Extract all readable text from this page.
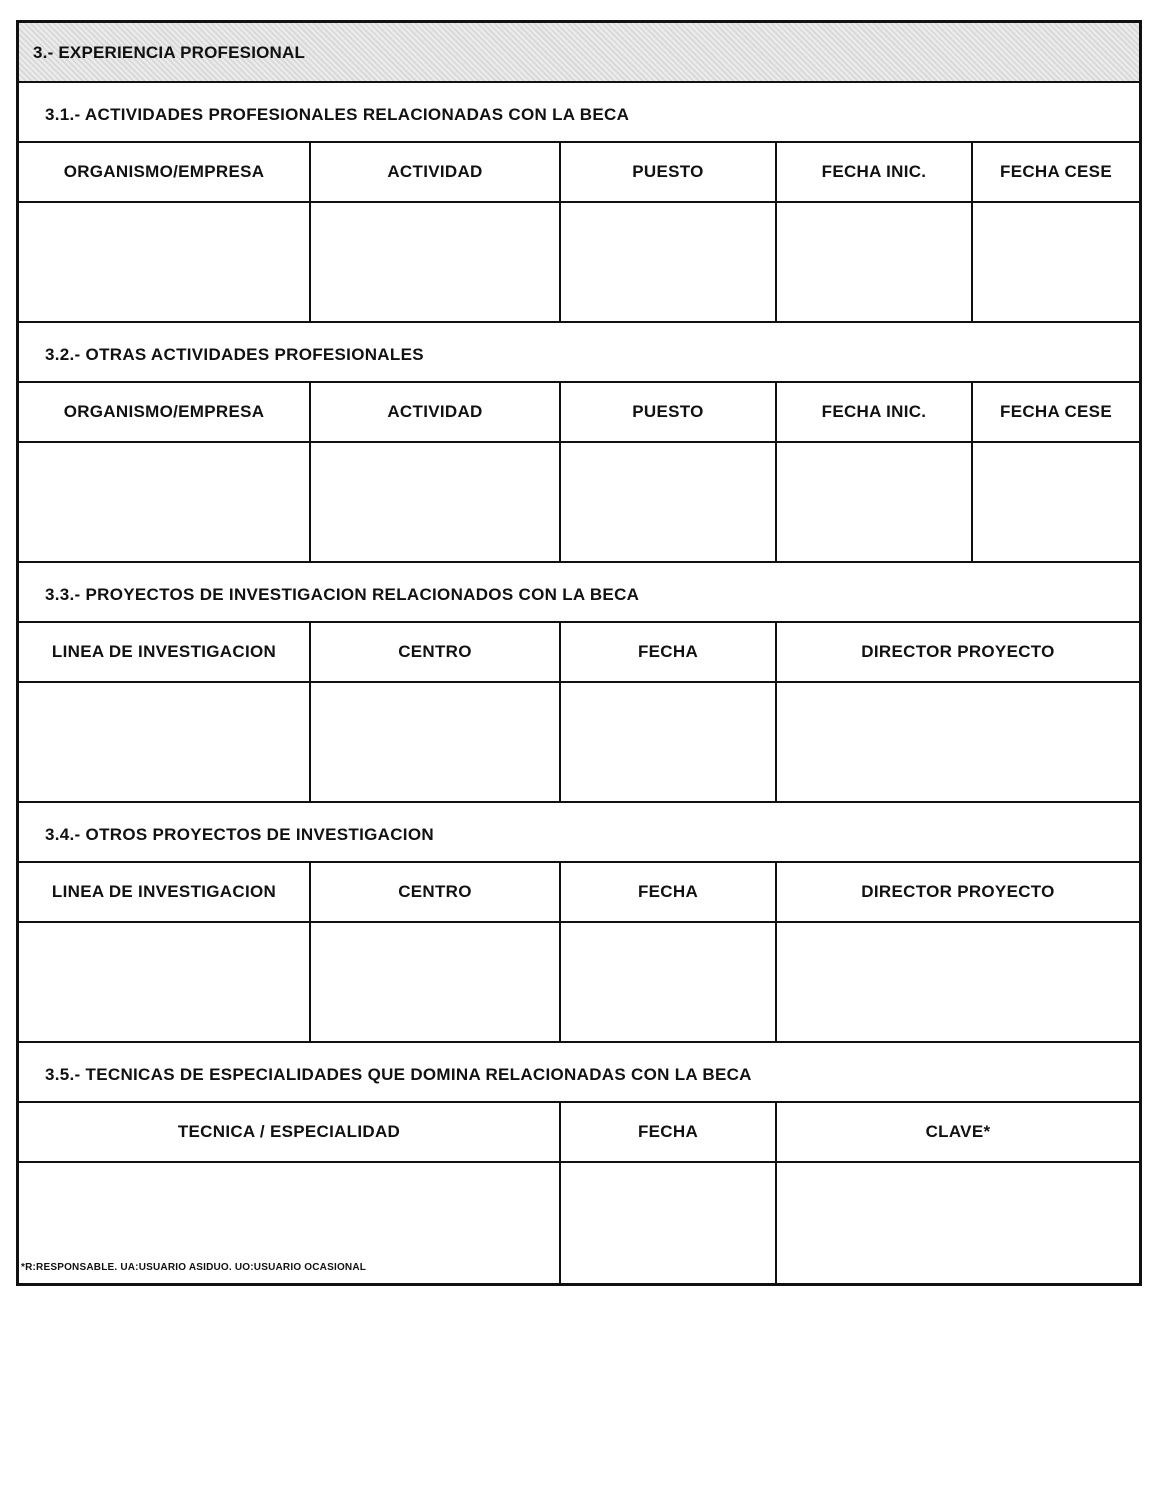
3.- EXPERIENCIA PROFESIONAL
3.1.- ACTIVIDADES PROFESIONALES RELACIONADAS CON LA BECA
ORGANISMO/EMPRESA	ACTIVIDAD	PUESTO	FECHA INIC.	FECHA CESE
3.2.- OTRAS ACTIVIDADES PROFESIONALES
ORGANISMO/EMPRESA	ACTIVIDAD	PUESTO	FECHA INIC.	FECHA CESE
3.3.- PROYECTOS DE INVESTIGACION RELACIONADOS CON LA BECA
LINEA DE INVESTIGACION	CENTRO	FECHA	DIRECTOR PROYECTO
3.4.- OTROS PROYECTOS DE INVESTIGACION
LINEA DE INVESTIGACION	CENTRO	FECHA	DIRECTOR PROYECTO
3.5.- TECNICAS DE ESPECIALIDADES QUE DOMINA RELACIONADAS CON LA BECA
TECNICA / ESPECIALIDAD	FECHA	CLAVE*
*R:RESPONSABLE. UA:USUARIO ASIDUO. UO:USUARIO OCASIONAL
